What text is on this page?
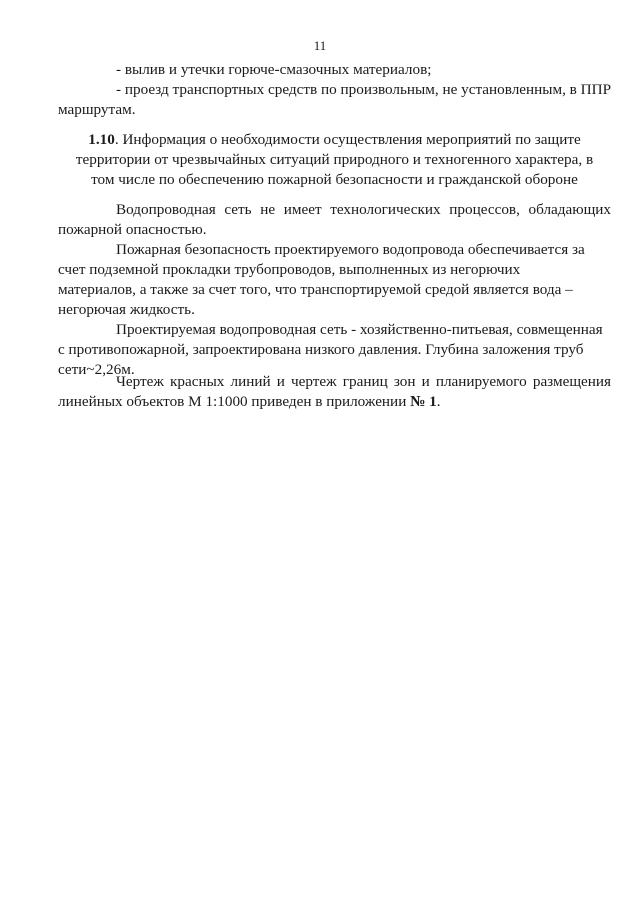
11
- вылив и утечки горюче-смазочных материалов;
- проезд транспортных средств по произвольным, не установленным, в ППР
маршрутам.
1.10. Информация о необходимости осуществления мероприятий по защите
территории от чрезвычайных ситуаций природного и техногенного характера, в
том числе по обеспечению пожарной безопасности и гражданской обороне
Водопроводная сеть не имеет технологических процессов, обладающих
пожарной опасностью.
Пожарная безопасность проектируемого водопровода обеспечивается за
счет подземной прокладки трубопроводов, выполненных из негорючих
материалов, а также за счет того, что транспортируемой средой является вода –
негорючая жидкость.
Проектируемая водопроводная сеть - хозяйственно-питьевая, совмещенная
с противопожарной, запроектирована низкого давления. Глубина заложения труб
сети~2,26м.
Чертеж красных линий и чертеж границ зон и планируемого размещения
линейных объектов М 1:1000 приведен в приложении № 1.
